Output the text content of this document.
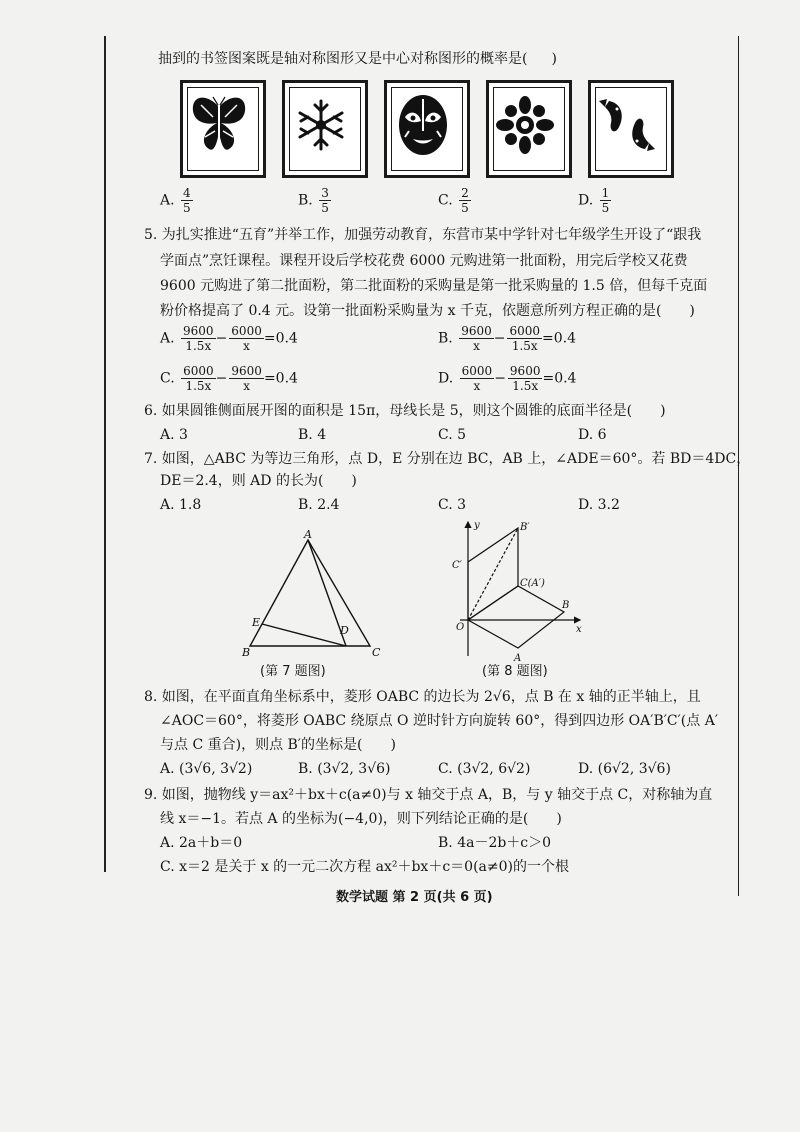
抽到的书签图案既是轴对称图形又是中心对称图形的概率是( )
A. $\frac{4}{5}$	B. $\frac{3}{5}$	C. $\frac{2}{5}$	D. $\frac{1}{5}$
5. 为扎实推进“五育”并举工作，加强劳动教育，东营市某中学针对七年级学生开设了“跟我
学面点”烹饪课程。课程开设后学校花费 6000 元购进第一批面粉，用完后学校又花费
9600 元购进了第二批面粉，第二批面粉的采购量是第一批采购量的 1.5 倍，但每千克面
粉价格提高了 0.4 元。设第一批面粉采购量为 x 千克，依题意所列方程正确的是(　　)
A. $\frac{9600}{1.5x} - \frac{6000}{x} =0.4$	B. $\frac{9600}{x} - \frac{6000}{1.5x} =0.4$
C. $\frac{6000}{1.5x} - \frac{9600}{x} =0.4$	D. $\frac{6000}{x} - \frac{9600}{1.5x} =0.4$
6. 如果圆锥侧面展开图的面积是 15π，母线长是 5，则这个圆锥的底面半径是(　　)
A. 3	B. 4	C. 5	D. 6
7. 如图，△ABC 为等边三角形，点 D，E 分别在边 BC，AB 上，∠ADE＝60°。若 BD＝4DC，
DE＝2.4，则 AD 的长为(　　)
A. 1.8	B. 2.4	C. 3	D. 3.2
A
B	C
D
E
(第 7 题图)
y	B′
C′
C(A′)
O
B
A
x
(第 8 题图)
8. 如图，在平面直角坐标系中，菱形 OABC 的边长为 2√6，点 B 在 x 轴的正半轴上，且
∠AOC＝60°，将菱形 OABC 绕原点 O 逆时针方向旋转 60°，得到四边形 OA′B′C′(点 A′
与点 C 重合)，则点 B′的坐标是(　　)
A. (3√6, 3√2)	B. (3√2, 3√6)	C. (3√2, 6√2)	D. (6√2, 3√6)
9. 如图，抛物线 y＝ax²＋bx＋c(a≠0)与 x 轴交于点 A，B，与 y 轴交于点 C，对称轴为直
线 x＝−1。若点 A 的坐标为(−4,0)，则下列结论正确的是(　　)
A. 2a＋b＝0	B. 4a－2b＋c＞0
C. x＝2 是关于 x 的一元二次方程 ax²＋bx＋c＝0(a≠0)的一个根
数学试题 第 2 页(共 6 页)
